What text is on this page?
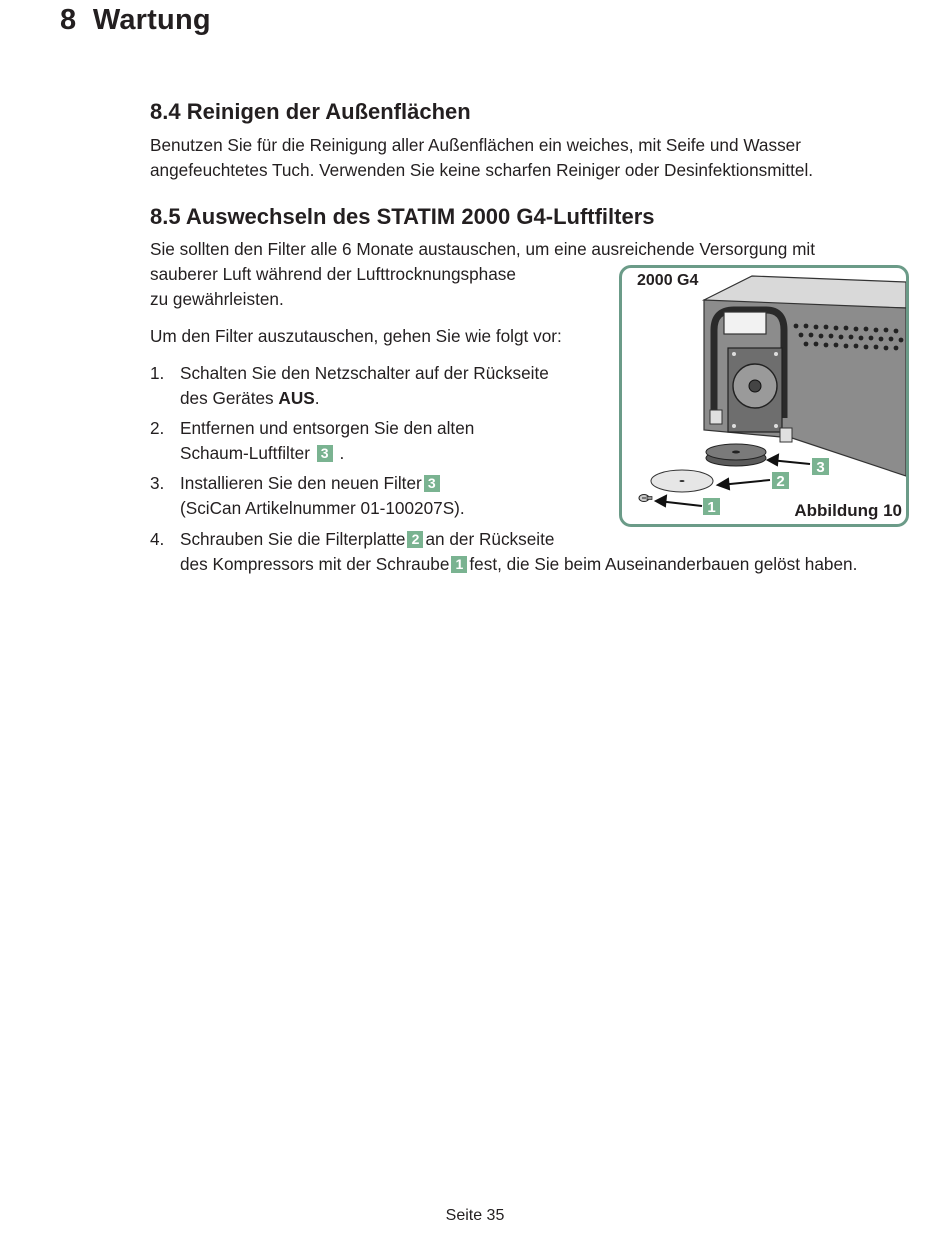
8 Wartung
8.4 Reinigen der Außenflächen

Benutzen Sie für die Reinigung aller Außenflächen ein weiches, mit Seife und Wasser

angefeuchtetes Tuch. Verwenden Sie keine scharfen Reiniger oder Desinfektionsmittel.

8.5 Auswechseln des STATIM 2000 G4-Luftfilters

Sie sollten den Filter alle 6 Monate austauschen, um eine ausreichende Versorgung mit

sauberer Luft während der Lufttrocknungsphase

zu gewährleisten.

Um den Filter auszutauschen, gehen Sie wie folgt vor:

1. Schalten Sie den Netzschalter auf der Rückseite
des Gerätes AUS.
2. Entfernen und entsorgen Sie den alten
Schaum-Luftfilter 3 .
3. Installieren Sie den neuen Filter 3
(SciCan Artikelnummer 01-100207S).
4. Schrauben Sie die Filterplatte 2 an der Rückseite
des Kompressors mit der Schraube 1 fest, die Sie beim Auseinanderbauen gelöst haben.
2000 G4
3
2
1	Abbildung 10
Seite 35
